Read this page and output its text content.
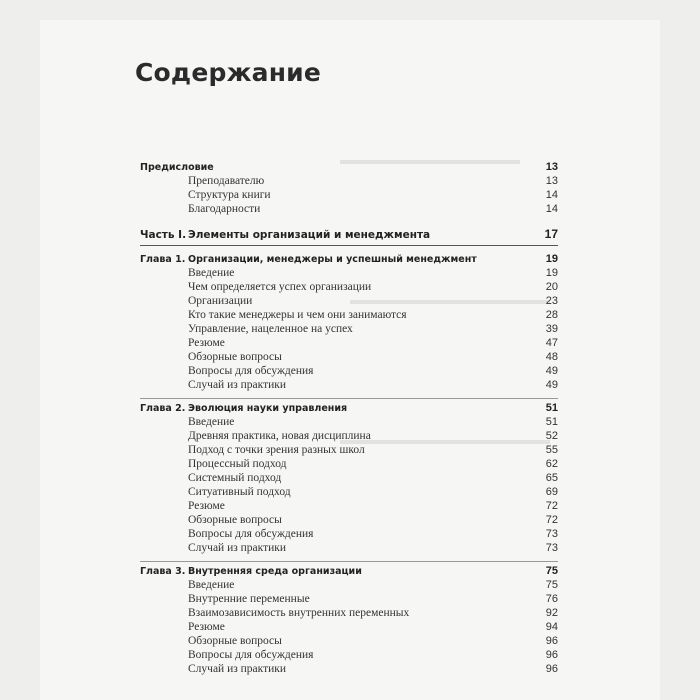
Содержание
Предисловие	13
Преподавателю	13
Структура книги	14
Благодарности	14
Часть I. Элементы организаций и менеджмента	17
Глава 1. Организации, менеджеры и успешный менеджмент	19
Введение	19
Чем определяется успех организации	20
Организации	23
Кто такие менеджеры и чем они занимаются	28
Управление, нацеленное на успех	39
Резюме	47
Обзорные вопросы	48
Вопросы для обсуждения	49
Случай из практики	49
Глава 2. Эволюция науки управления	51
Введение	51
Древняя практика, новая дисциплина	52
Подход с точки зрения разных школ	55
Процессный подход	62
Системный подход	65
Ситуативный подход	69
Резюме	72
Обзорные вопросы	72
Вопросы для обсуждения	73
Случай из практики	73
Глава 3. Внутренняя среда организации	75
Введение	75
Внутренние переменные	76
Взаимозависимость внутренних переменных	92
Резюме	94
Обзорные вопросы	96
Вопросы для обсуждения	96
Случай из практики	96
